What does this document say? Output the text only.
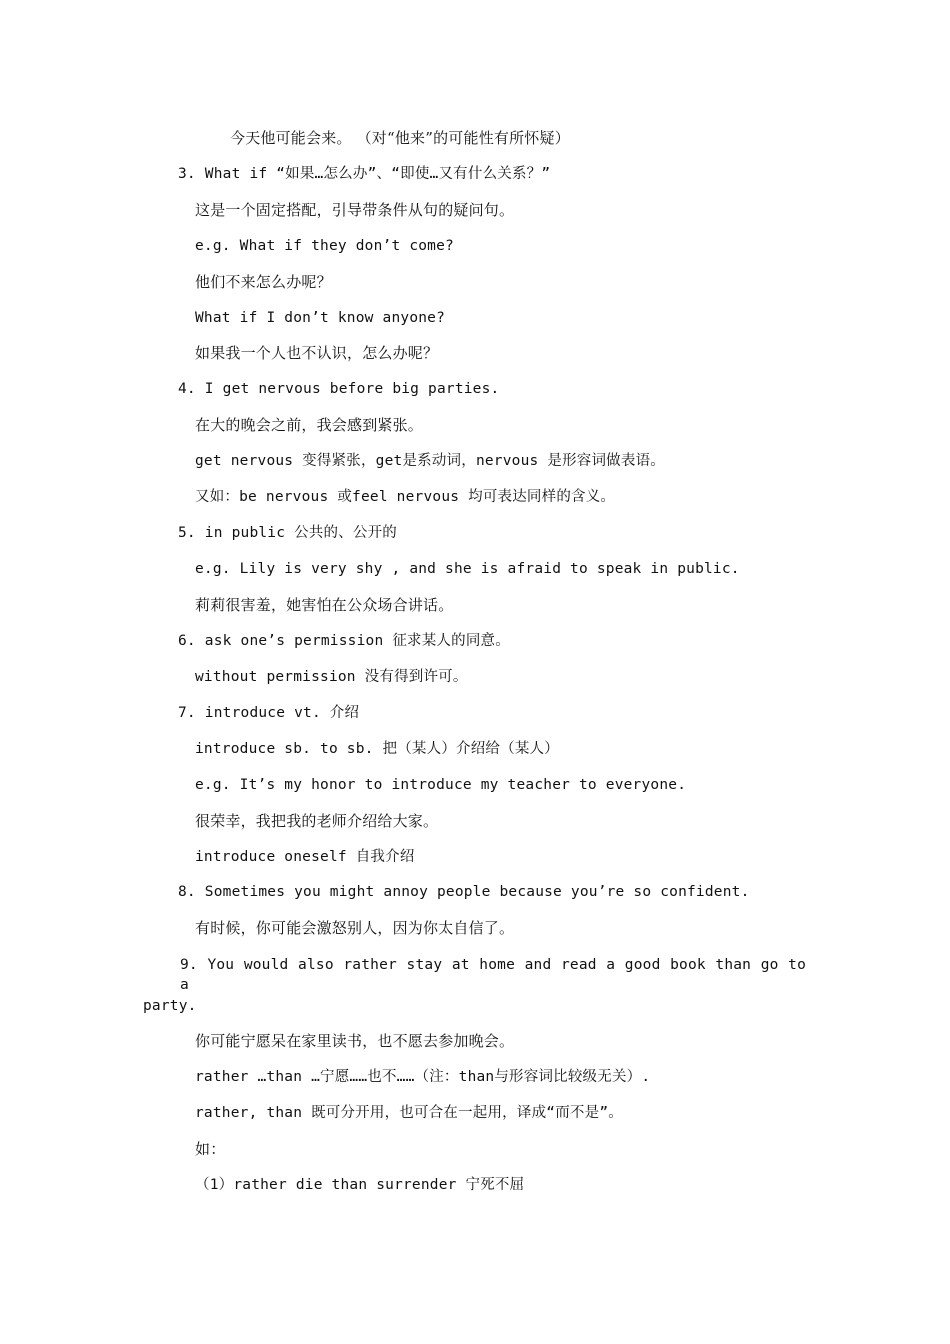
今天他可能会来。 （对“他来”的可能性有所怀疑）
3. What if “如果…怎么办”、“即使…又有什么关系？”
这是一个固定搭配，引导带条件从句的疑问句。
e.g. What if they don’t come?
他们不来怎么办呢？
What if I don’t know anyone?
如果我一个人也不认识，怎么办呢？
4. I get nervous before big parties.
在大的晚会之前，我会感到紧张。
get nervous 变得紧张，get是系动词，nervous 是形容词做表语。
又如：be nervous 或feel nervous 均可表达同样的含义。
5. in public 公共的、公开的
e.g. Lily is very shy , and she is afraid to speak in public.
莉莉很害羞，她害怕在公众场合讲话。
6. ask one’s permission 征求某人的同意。
without permission 没有得到许可。
7. introduce vt. 介绍
introduce sb. to sb. 把（某人）介绍给（某人）
e.g. It’s my honor to introduce my teacher to everyone.
很荣幸，我把我的老师介绍给大家。
introduce oneself 自我介绍
8. Sometimes you might annoy people because you’re so confident.
有时候，你可能会激怒别人，因为你太自信了。
9. You would also rather stay at home and read a good book than go to a
party.
你可能宁愿呆在家里读书，也不愿去参加晚会。
rather …than …宁愿……也不……（注：than与形容词比较级无关）.
rather, than 既可分开用，也可合在一起用，译成“而不是”。
如：
（1）rather die than surrender 宁死不屈
